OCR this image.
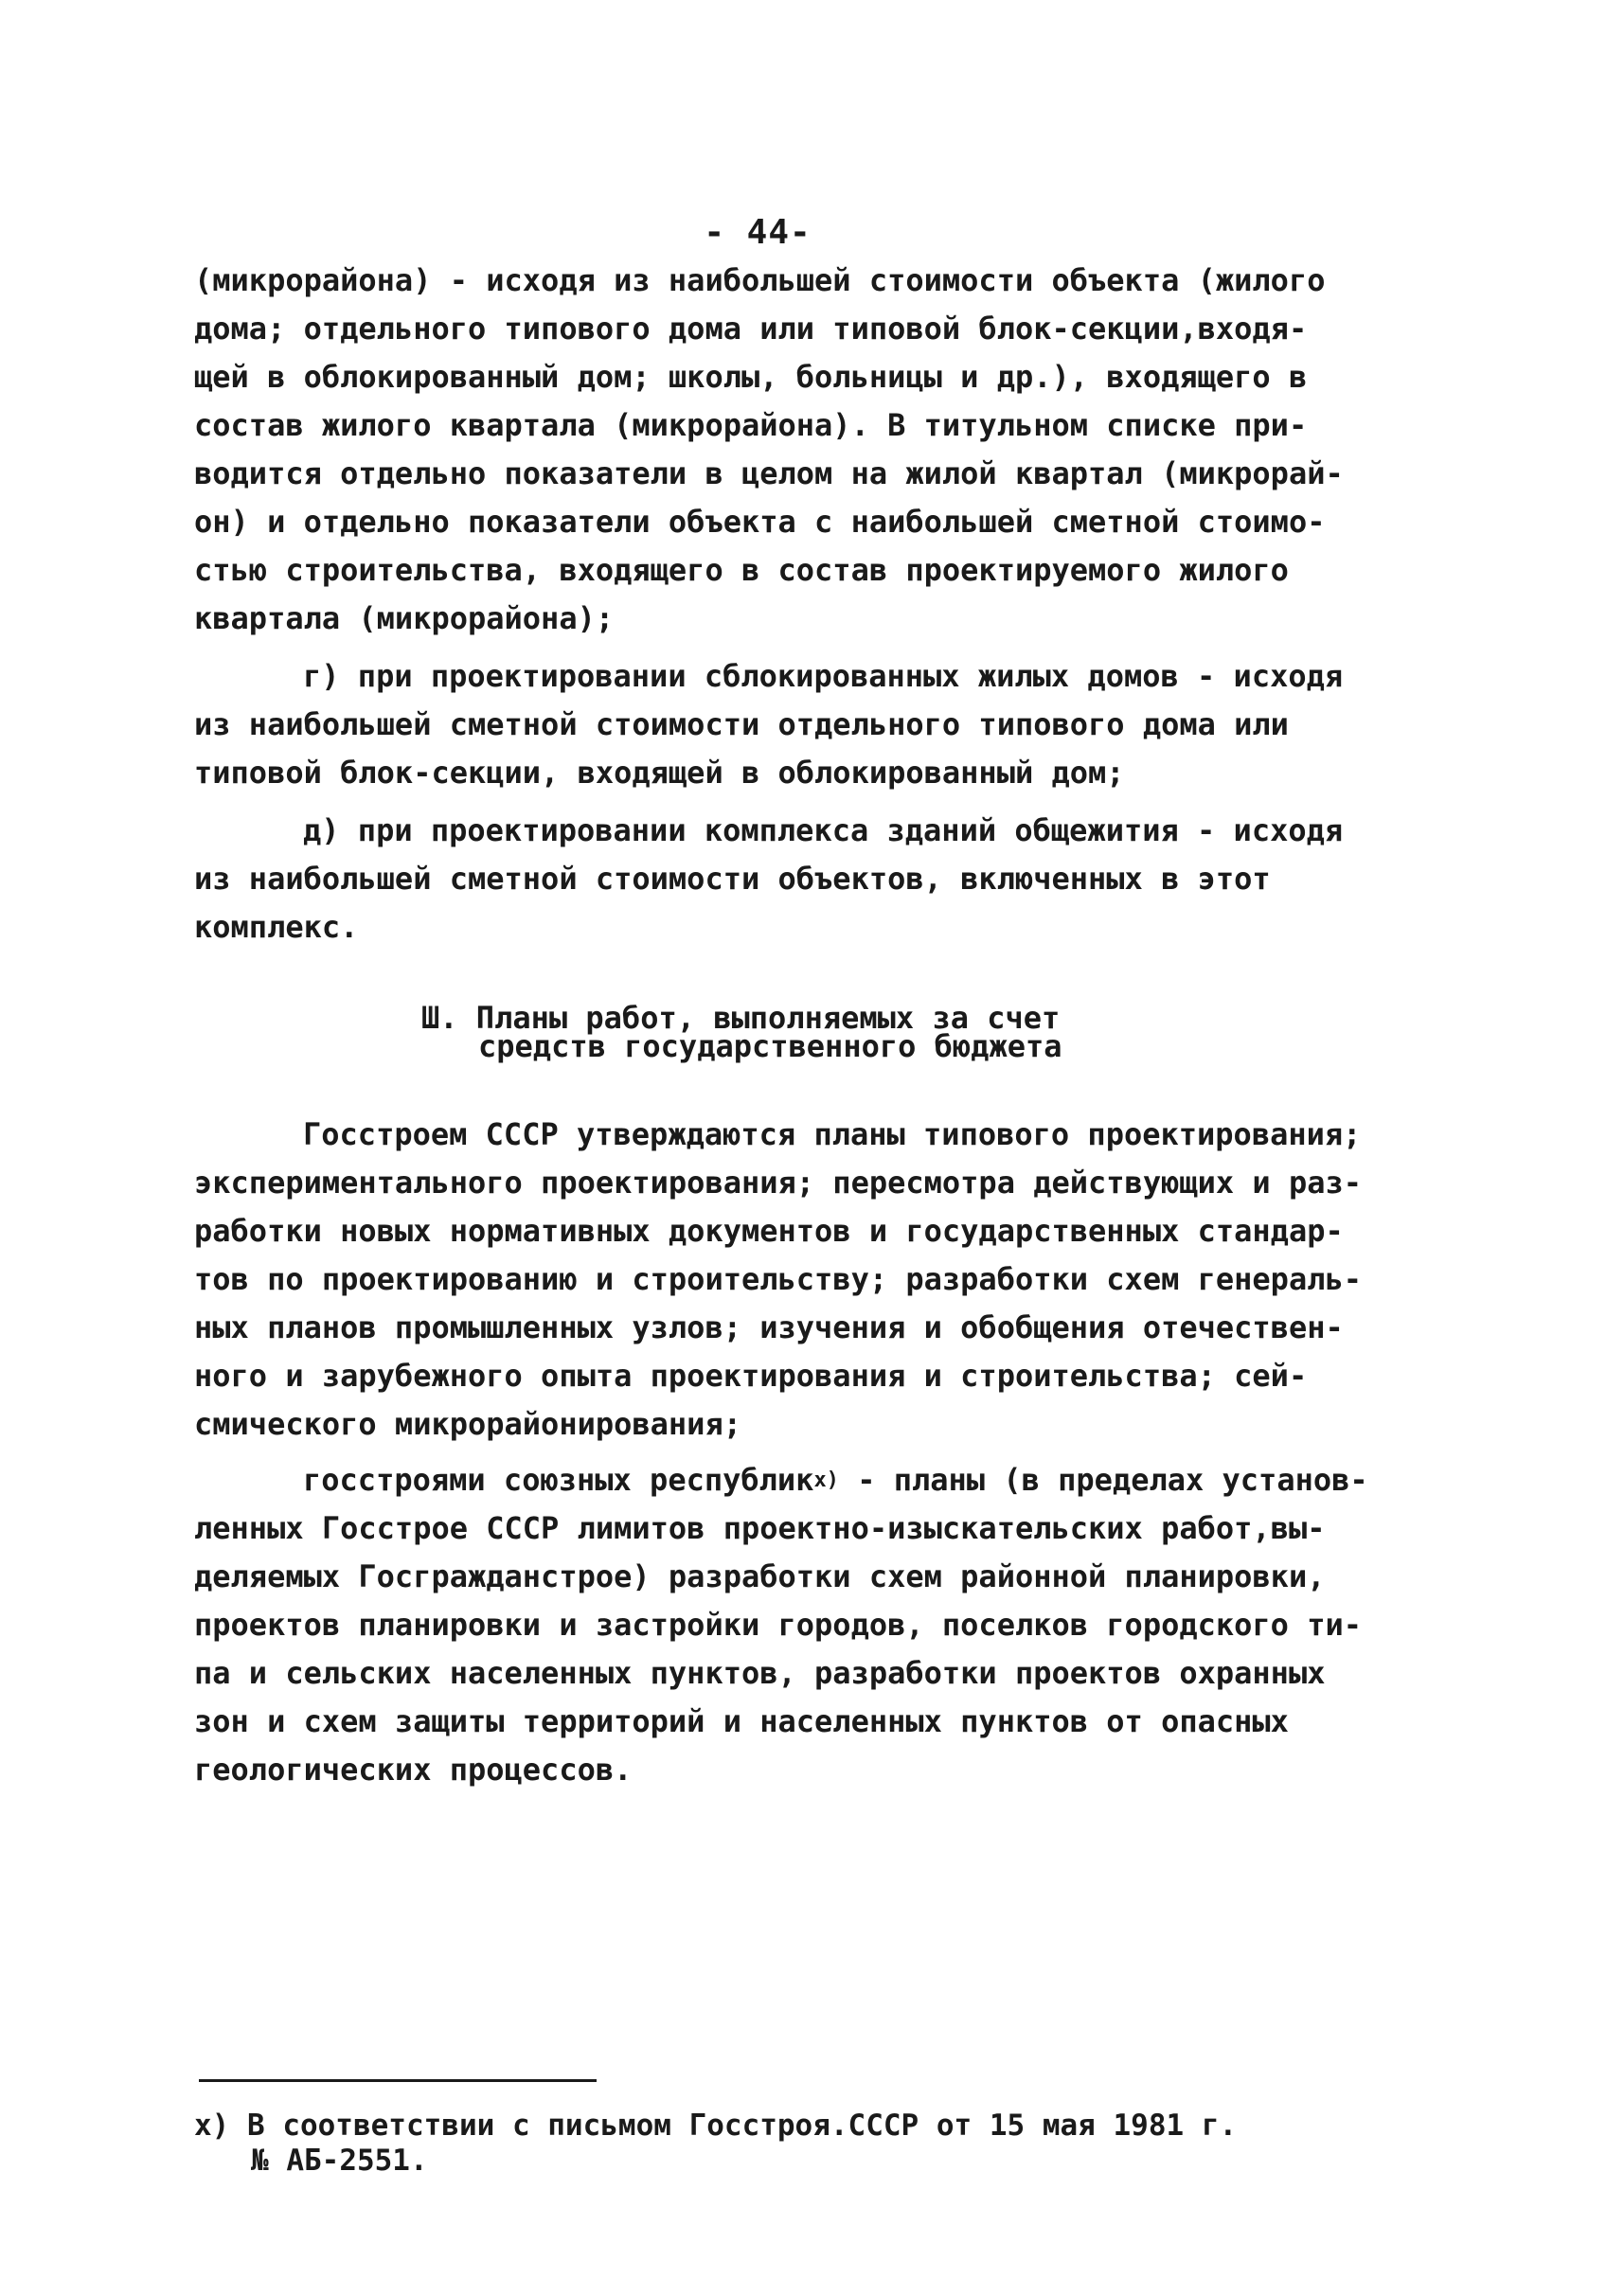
- 44-
(микрорайона) - исходя из наибольшей стоимости объекта (жилого
дома; отдельного типового дома или типовой блок-секции,входя-
щей в облокированный дом; школы, больницы и др.), входящего в
состав жилого квартала (микрорайона). В титульном списке при-
водится отдельно показатели в целом на жилой квартал (микрорай-
он) и отдельно показатели объекта с наибольшей сметной стоимо-
стью строительства, входящего в состав проектируемого жилого
квартала (микрорайона);
г) при проектировании сблокированных жилых домов - исходя
из наибольшей сметной стоимости отдельного типового дома или
типовой блок-секции, входящей в облокированный дом;
д) при проектировании комплекса зданий общежития - исходя
из наибольшей сметной стоимости объектов, включенных в этот
комплекс.
Ш. Планы работ, выполняемых за счет
средств государственного бюджета
Госстроем СССР утверждаются планы типового проектирования;
экспериментального проектирования; пересмотра действующих и раз-
работки новых нормативных документов и государственных стандар-
тов по проектированию и строительству; разработки схем генераль-
ных планов промышленных узлов; изучения и обобщения отечествен-
ного и зарубежного опыта проектирования и строительства; сей-
смического микрорайонирования;
госстроями союзных республик$^{x)}$ - планы (в пределах установ-
ленных Госстрое СССР лимитов проектно-изыскательских работ,вы-
деляемых Госгражданстрое) разработки схем районной планировки,
проектов планировки и застройки городов, поселков городского ти-
па и сельских населенных пунктов, разработки проектов охранных
зон и схем защиты территорий и населенных пунктов от опасных
геологических процессов.
x) В соответствии с письмом Госстроя.СССР от 15 мая 1981 г.
№ АБ-2551.
